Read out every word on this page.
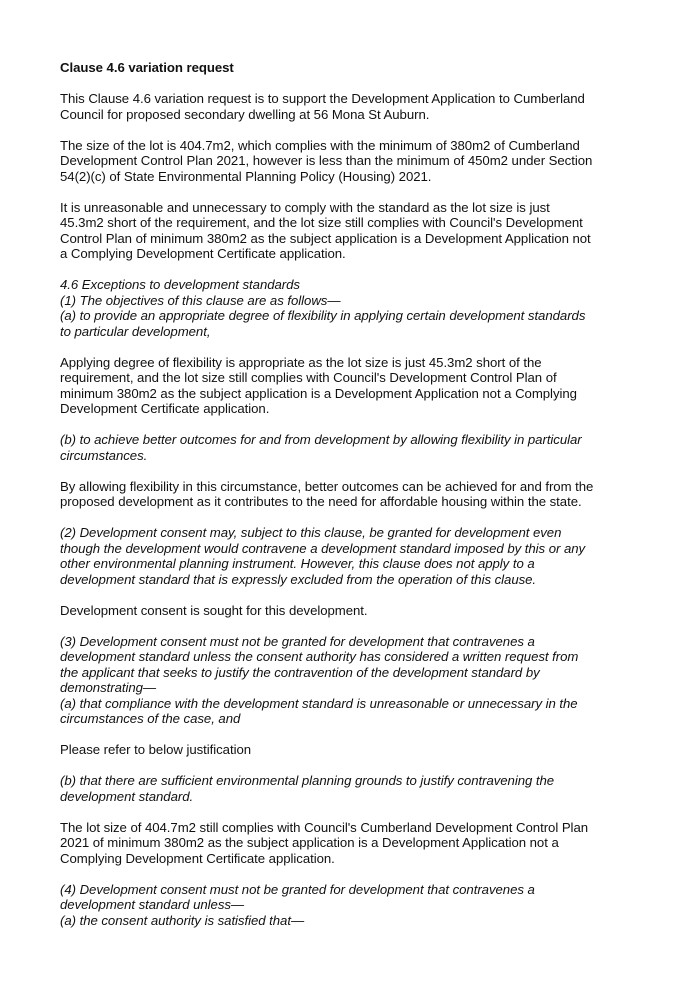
Clause 4.6 variation request
This Clause 4.6 variation request is to support the Development Application to Cumberland
Council for proposed secondary dwelling at 56 Mona St Auburn.
The size of the lot is 404.7m2, which complies with the minimum of 380m2 of Cumberland
Development Control Plan 2021, however is less than the minimum of 450m2 under Section
54(2)(c) of State Environmental Planning Policy (Housing) 2021.
It is unreasonable and unnecessary to comply with the standard as the lot size is just
45.3m2 short of the requirement, and the lot size still complies with Council's Development
Control Plan of minimum 380m2 as the subject application is a Development Application not
a Complying Development Certificate application.
4.6 Exceptions to development standards
(1) The objectives of this clause are as follows—
(a) to provide an appropriate degree of flexibility in applying certain development standards
to particular development,
Applying degree of flexibility is appropriate as the lot size is just 45.3m2 short of the
requirement, and the lot size still complies with Council's Development Control Plan of
minimum 380m2 as the subject application is a Development Application not a Complying
Development Certificate application.
(b) to achieve better outcomes for and from development by allowing flexibility in particular
circumstances.
By allowing flexibility in this circumstance, better outcomes can be achieved for and from the
proposed development as it contributes to the need for affordable housing within the state.
(2) Development consent may, subject to this clause, be granted for development even
though the development would contravene a development standard imposed by this or any
other environmental planning instrument. However, this clause does not apply to a
development standard that is expressly excluded from the operation of this clause.
Development consent is sought for this development.
(3) Development consent must not be granted for development that contravenes a
development standard unless the consent authority has considered a written request from
the applicant that seeks to justify the contravention of the development standard by
demonstrating—
(a) that compliance with the development standard is unreasonable or unnecessary in the
circumstances of the case, and
Please refer to below justification
(b) that there are sufficient environmental planning grounds to justify contravening the
development standard.
The lot size of 404.7m2 still complies with Council's Cumberland Development Control Plan
2021 of minimum 380m2 as the subject application is a Development Application not a
Complying Development Certificate application.
(4) Development consent must not be granted for development that contravenes a
development standard unless—
(a) the consent authority is satisfied that—
